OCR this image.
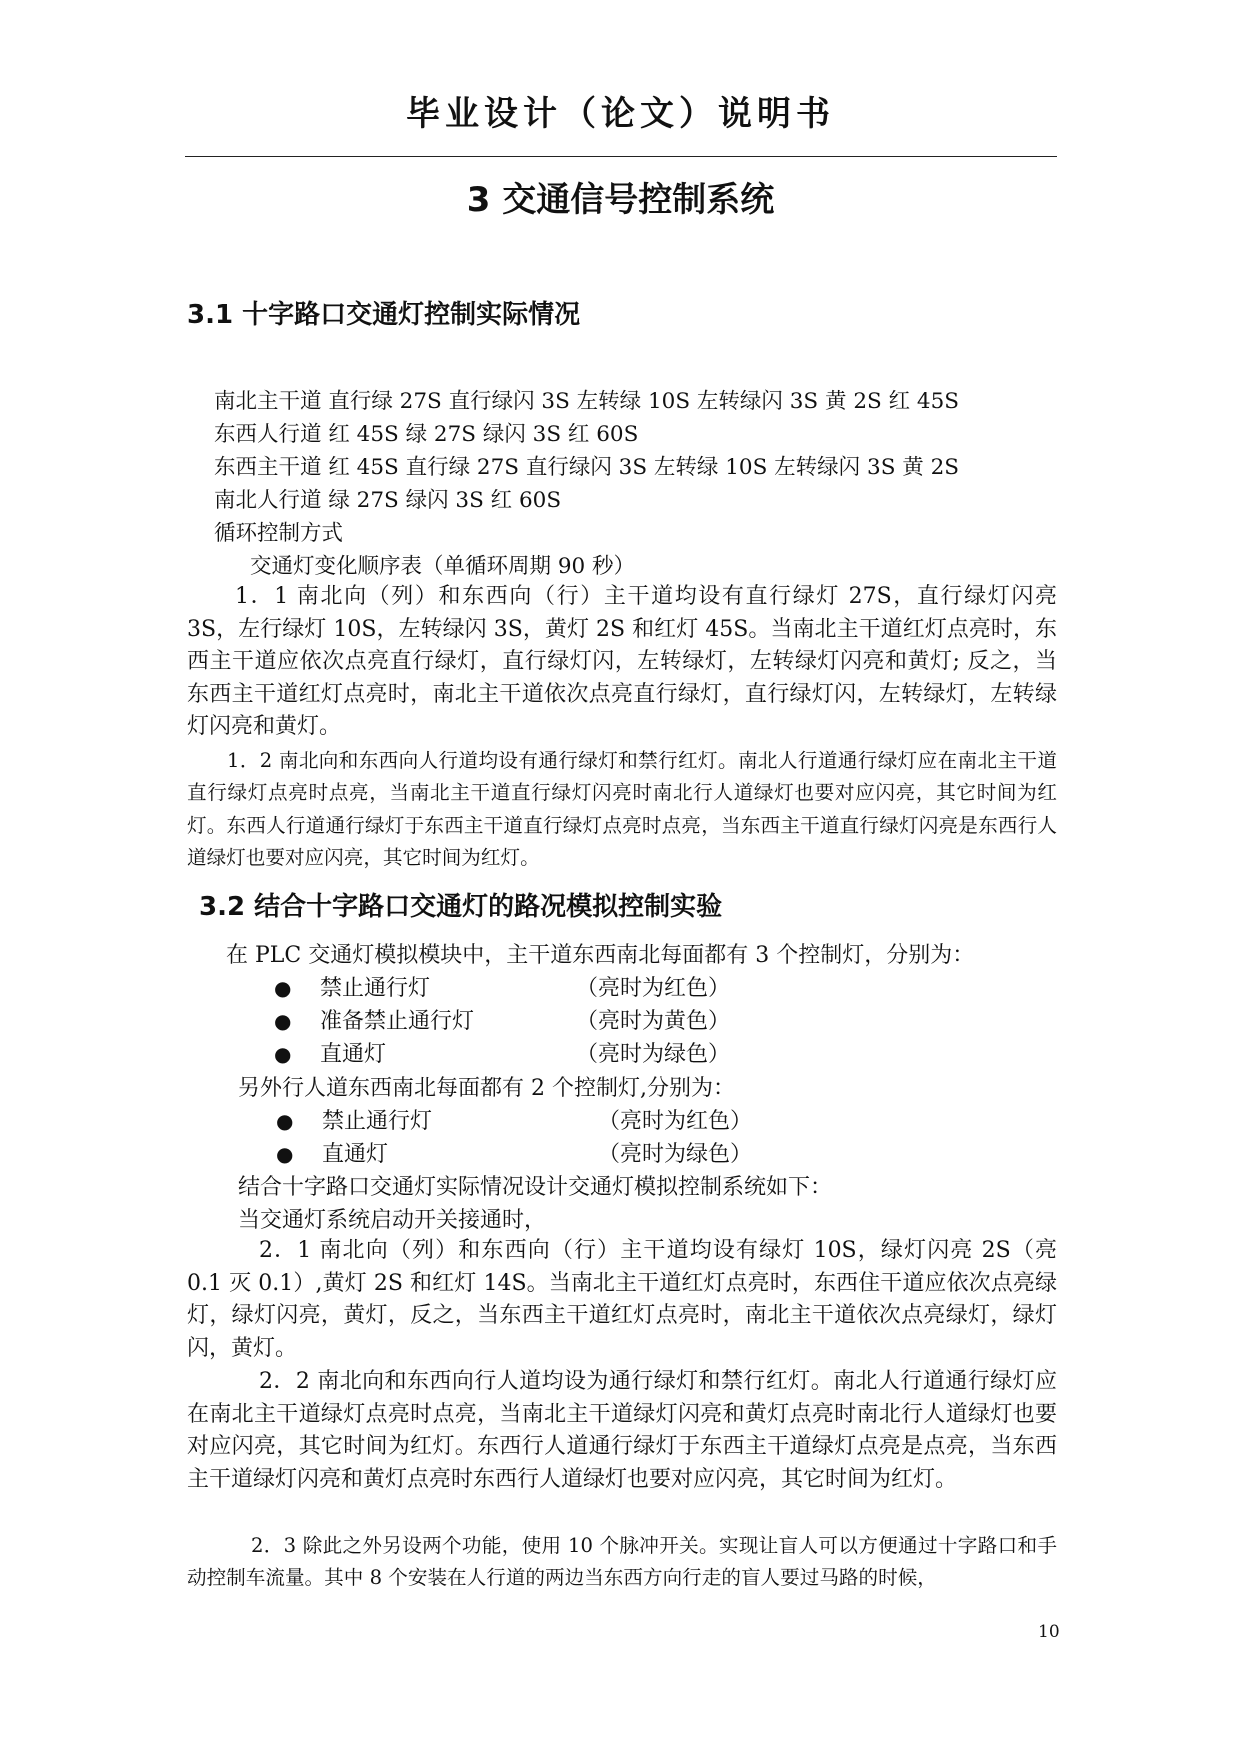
毕业设计（论文）说明书
3 交通信号控制系统
3.1 十字路口交通灯控制实际情况

南北主干道 直行绿 27S 直行绿闪 3S 左转绿 10S 左转绿闪 3S 黄 2S 红 45S

东西人行道 红 45S 绿 27S 绿闪 3S 红 60S

东西主干道 红 45S 直行绿 27S 直行绿闪 3S 左转绿 10S 左转绿闪 3S 黄 2S

南北人行道 绿 27S 绿闪 3S 红 60S

循环控制方式

交通灯变化顺序表（单循环周期 90 秒）

1．1 南北向（列）和东西向（行）主干道均设有直行绿灯 27S，直行绿灯闪亮 3S，左行绿灯 10S，左转绿闪 3S，黄灯 2S 和红灯 45S。当南北主干道红灯点亮时，东西主干道应依次点亮直行绿灯，直行绿灯闪，左转绿灯，左转绿灯闪亮和黄灯; 反之，当东西主干道红灯点亮时，南北主干道依次点亮直行绿灯，直行绿灯闪，左转绿灯，左转绿灯闪亮和黄灯。

1．2 南北向和东西向人行道均设有通行绿灯和禁行红灯。南北人行道通行绿灯应在南北主干道直行绿灯点亮时点亮，当南北主干道直行绿灯闪亮时南北行人道绿灯也要对应闪亮，其它时间为红灯。东西人行道通行绿灯于东西主干道直行绿灯点亮时点亮，当东西主干道直行绿灯闪亮是东西行人道绿灯也要对应闪亮，其它时间为红灯。

3.2 结合十字路口交通灯的路况模拟控制实验

在 PLC 交通灯模拟模块中，主干道东西南北每面都有 3 个控制灯，分别为：

● 禁止通行灯	（亮时为红色）
● 准备禁止通行灯	（亮时为黄色）
● 直通灯	（亮时为绿色）

另外行人道东西南北每面都有 2 个控制灯,分别为：

● 禁止通行灯	（亮时为红色）
● 直通灯	（亮时为绿色）

结合十字路口交通灯实际情况设计交通灯模拟控制系统如下：

当交通灯系统启动开关接通时，

2．1 南北向（列）和东西向（行）主干道均设有绿灯 10S，绿灯闪亮 2S（亮 0.1 灭 0.1）,黄灯 2S 和红灯 14S。当南北主干道红灯点亮时，东西住干道应依次点亮绿灯，绿灯闪亮，黄灯，反之，当东西主干道红灯点亮时，南北主干道依次点亮绿灯，绿灯闪，黄灯。

2．2 南北向和东西向行人道均设为通行绿灯和禁行红灯。南北人行道通行绿灯应在南北主干道绿灯点亮时点亮，当南北主干道绿灯闪亮和黄灯点亮时南北行人道绿灯也要对应闪亮，其它时间为红灯。东西行人道通行绿灯于东西主干道绿灯点亮是点亮，当东西主干道绿灯闪亮和黄灯点亮时东西行人道绿灯也要对应闪亮，其它时间为红灯。

2．3 除此之外另设两个功能，使用 10 个脉冲开关。实现让盲人可以方便通过十字路口和手动控制车流量。其中 8 个安装在人行道的两边当东西方向行走的盲人要过马路的时候，

10
